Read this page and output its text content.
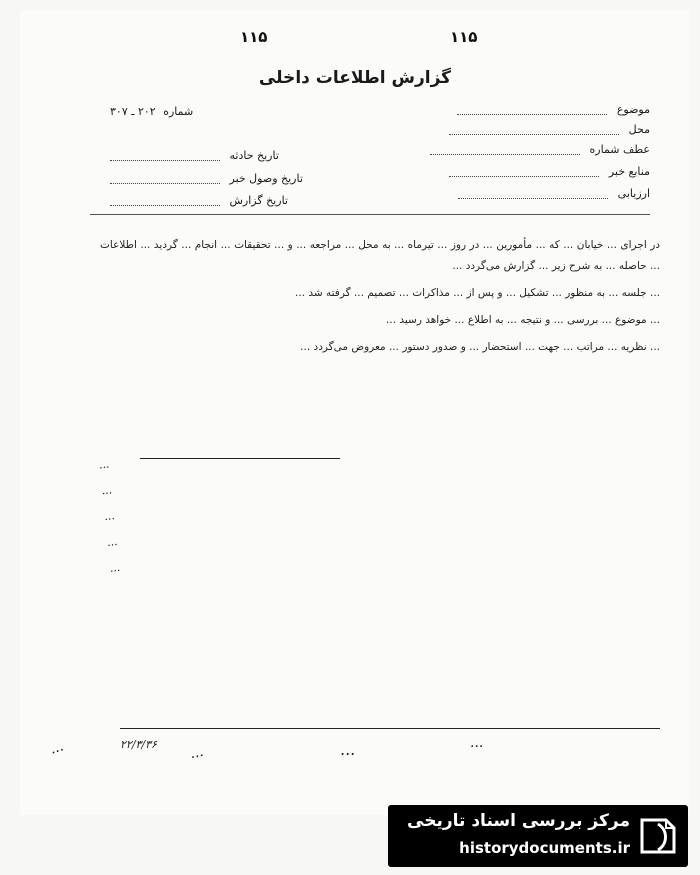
۱۱۵	۱۱۵
گزارش اطلاعات داخلی
موضوع
محل
عطف شماره
منابع خبر
ارزیابی
شماره ۲۰۲ ـ ۳۰۷
تاریخ حادثه
تاریخ وصول خبر
تاریخ گزارش

در اجرای ... خیابان ... که ... مأمورین ... در روز ... تیرماه ... به محل ... مراجعه ... و ... تحقیقات ... انجام ... گردید ... اطلاعات ... حاصله ... به شرح زیر ... گزارش می‌گردد ...

... جلسه ... به منظور ... تشکیل ... و پس از ... مذاکرات ... تصمیم ... گرفته شد ...

... موضوع ... بررسی ... و نتیجه ... به اطلاع ... خواهد رسید ...

... نظریه ... مراتب ... جهت ... استحضار ... و صدور دستور ... معروض می‌گردد ...

...
...
...
...
...
...	...	...	...
۲۲/۳/۳۶
مرکز بررسی اسناد تاریخی
historydocuments.ir
